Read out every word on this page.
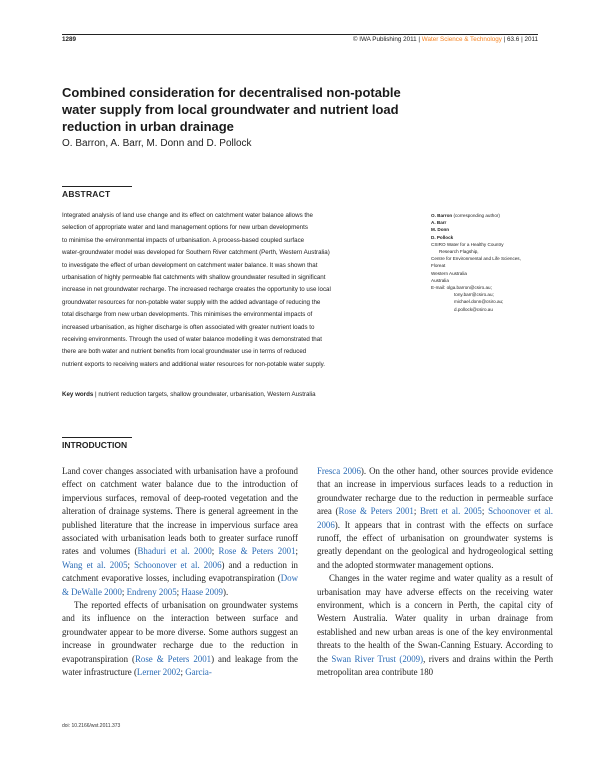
1289	© IWA Publishing 2011 | Water Science & Technology | 63.6 | 2011
Combined consideration for decentralised non-potable
water supply from local groundwater and nutrient load
reduction in urban drainage
O. Barron, A. Barr, M. Donn and D. Pollock
ABSTRACT
Integrated analysis of land use change and its effect on catchment water balance allows the
selection of appropriate water and land management options for new urban developments
to minimise the environmental impacts of urbanisation. A process-based coupled surface
water-groundwater model was developed for Southern River catchment (Perth, Western Australia)
to investigate the effect of urban development on catchment water balance. It was shown that
urbanisation of highly permeable flat catchments with shallow groundwater resulted in significant
increase in net groundwater recharge. The increased recharge creates the opportunity to use local
groundwater resources for non-potable water supply with the added advantage of reducing the
total discharge from new urban developments. This minimises the environmental impacts of
increased urbanisation, as higher discharge is often associated with greater nutrient loads to
receiving environments. Through the used of water balance modelling it was demonstrated that
there are both water and nutrient benefits from local groundwater use in terms of reduced
nutrient exports to receiving waters and additional water resources for non-potable water supply.
Key words | nutrient reduction targets, shallow groundwater, urbanisation, Western Australia
O. Barron (corresponding author)
A. Barr
M. Donn
D. Pollock
CSIRO Water for a Healthy Country
Research Flagship,
Centre for Environmental and Life Sciences,
Floreat
Western Australia
Australia
E-mail: olga.barron@csiro.au;
tony.barr@csiro.au;
michael.donn@csiro.au;
d.pollock@csiro.au
INTRODUCTION

Land cover changes associated with urbanisation have a profound effect on catchment water balance due to the introduction of impervious surfaces, removal of deep-rooted vegetation and the alteration of drainage systems. There is general agreement in the published literature that the increase in impervious surface area associated with urbanisation leads both to greater surface runoff rates and volumes (Bhaduri et al. 2000; Rose & Peters 2001; Wang et al. 2005; Schoonover et al. 2006) and a reduction in catchment evaporative losses, including evapotranspiration (Dow & DeWalle 2000; Endreny 2005; Haase 2009).

The reported effects of urbanisation on groundwater systems and its influence on the interaction between surface and groundwater appear to be more diverse. Some authors suggest an increase in groundwater recharge due to the reduction in evapotranspiration (Rose & Peters 2001) and leakage from the water infrastructure (Lerner 2002; Garcia-

Fresca 2006). On the other hand, other sources provide evidence that an increase in impervious surfaces leads to a reduction in groundwater recharge due to the reduction in permeable surface area (Rose & Peters 2001; Brett et al. 2005; Schoonover et al. 2006). It appears that in contrast with the effects on surface runoff, the effect of urbanisation on groundwater systems is greatly dependant on the geological and hydrogeological setting and the adopted stormwater management options.

Changes in the water regime and water quality as a result of urbanisation may have adverse effects on the receiving water environment, which is a concern in Perth, the capital city of Western Australia. Water quality in urban drainage from established and new urban areas is one of the key environmental threats to the health of the Swan-Canning Estuary. According to the Swan River Trust (2009), rivers and drains within the Perth metropolitan area contribute 180

doi: 10.2166/wst.2011.373
